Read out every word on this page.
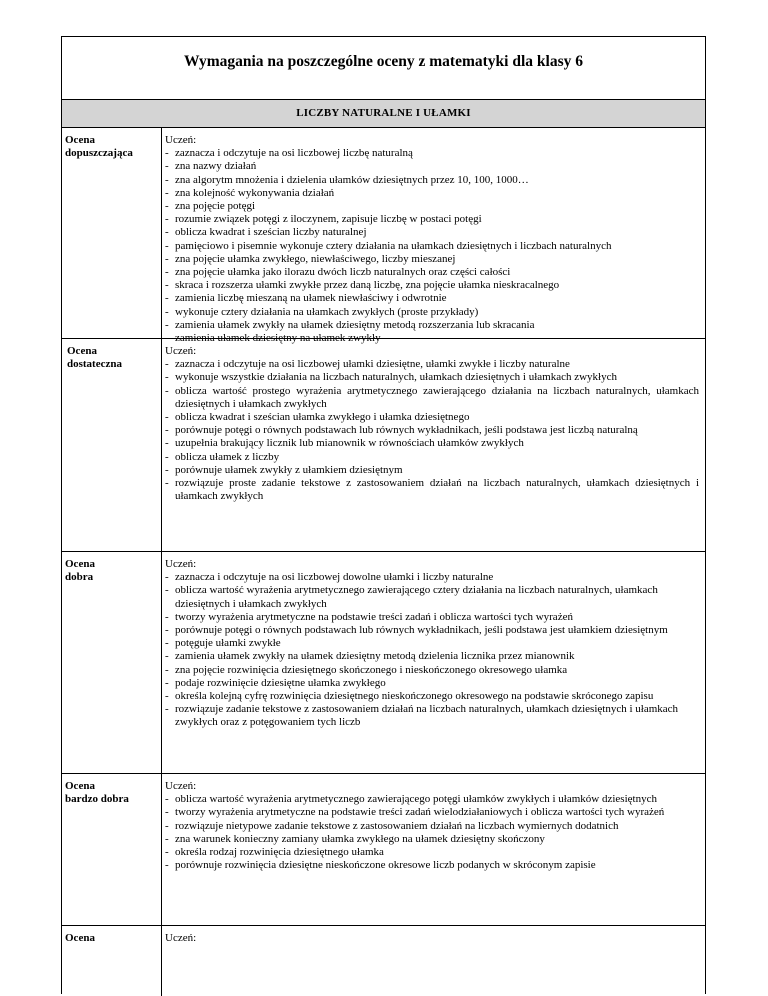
Wymagania na poszczególne oceny z matematyki dla klasy 6
LICZBY NATURALNE I UŁAMKI
Ocena
dopuszczająca

Uczeń:

- zaznacza i odczytuje na osi liczbowej liczbę naturalną
- zna nazwy działań
- zna algorytm mnożenia i dzielenia ułamków dziesiętnych przez 10, 100, 1000…
- zna kolejność wykonywania działań
- zna pojęcie potęgi
- rozumie związek potęgi z iloczynem, zapisuje liczbę w postaci potęgi
- oblicza kwadrat i sześcian liczby naturalnej
- pamięciowo i pisemnie wykonuje cztery działania na ułamkach dziesiętnych i liczbach naturalnych
- zna pojęcie ułamka zwykłego, niewłaściwego, liczby mieszanej
- zna pojęcie ułamka jako ilorazu dwóch liczb naturalnych oraz części całości
- skraca i rozszerza ułamki zwykłe przez daną liczbę, zna pojęcie ułamka nieskracalnego
- zamienia liczbę mieszaną na ułamek niewłaściwy i odwrotnie
- wykonuje cztery działania na ułamkach zwykłych (proste przykłady)
- zamienia ułamek zwykły na ułamek dziesiętny metodą rozszerzania lub skracania
- zamienia ułamek dziesiętny na ułamek zwykły
Ocena
dostateczna

Uczeń:

- zaznacza i odczytuje na osi liczbowej ułamki dziesiętne, ułamki zwykłe i liczby naturalne
- wykonuje wszystkie działania na liczbach naturalnych, ułamkach dziesiętnych i ułamkach zwykłych
- oblicza wartość prostego wyrażenia arytmetycznego zawierającego działania na liczbach naturalnych, ułamkach dziesiętnych i ułamkach zwykłych
- oblicza kwadrat i sześcian ułamka zwykłego i ułamka dziesiętnego
- porównuje potęgi o równych podstawach lub równych wykładnikach, jeśli podstawa jest liczbą naturalną
- uzupełnia brakujący licznik lub mianownik w równościach ułamków zwykłych
- oblicza ułamek z liczby
- porównuje ułamek zwykły z ułamkiem dziesiętnym
- rozwiązuje proste zadanie tekstowe z zastosowaniem działań na liczbach naturalnych, ułamkach dziesiętnych i ułamkach zwykłych
Ocena
dobra

Uczeń:

- zaznacza i odczytuje na osi liczbowej dowolne ułamki i liczby naturalne
- oblicza wartość wyrażenia arytmetycznego zawierającego cztery działania na liczbach naturalnych, ułamkach dziesiętnych i ułamkach zwykłych
- tworzy wyrażenia arytmetyczne na podstawie treści zadań i oblicza wartości tych wyrażeń
- porównuje potęgi o równych podstawach lub równych wykładnikach, jeśli podstawa jest ułamkiem dziesiętnym
- potęguje ułamki zwykłe
- zamienia ułamek zwykły na ułamek dziesiętny metodą dzielenia licznika przez mianownik
- zna pojęcie rozwinięcia dziesiętnego skończonego i nieskończonego okresowego ułamka
- podaje rozwinięcie dziesiętne ułamka zwykłego
- określa kolejną cyfrę rozwinięcia dziesiętnego nieskończonego okresowego na podstawie skróconego zapisu
- rozwiązuje zadanie tekstowe z zastosowaniem działań na liczbach naturalnych, ułamkach dziesiętnych i ułamkach zwykłych oraz z potęgowaniem tych liczb
Ocena
bardzo dobra

Uczeń:

- oblicza wartość wyrażenia arytmetycznego zawierającego potęgi ułamków zwykłych i ułamków dziesiętnych
- tworzy wyrażenia arytmetyczne na podstawie treści zadań wielodziałaniowych i oblicza wartości tych wyrażeń
- rozwiązuje nietypowe zadanie tekstowe z zastosowaniem działań na liczbach wymiernych dodatnich
- zna warunek konieczny zamiany ułamka zwykłego na ułamek dziesiętny skończony
- określa rodzaj rozwinięcia dziesiętnego ułamka
- porównuje rozwinięcia dziesiętne nieskończone okresowe liczb podanych w skróconym zapisie
Ocena	Uczeń:
